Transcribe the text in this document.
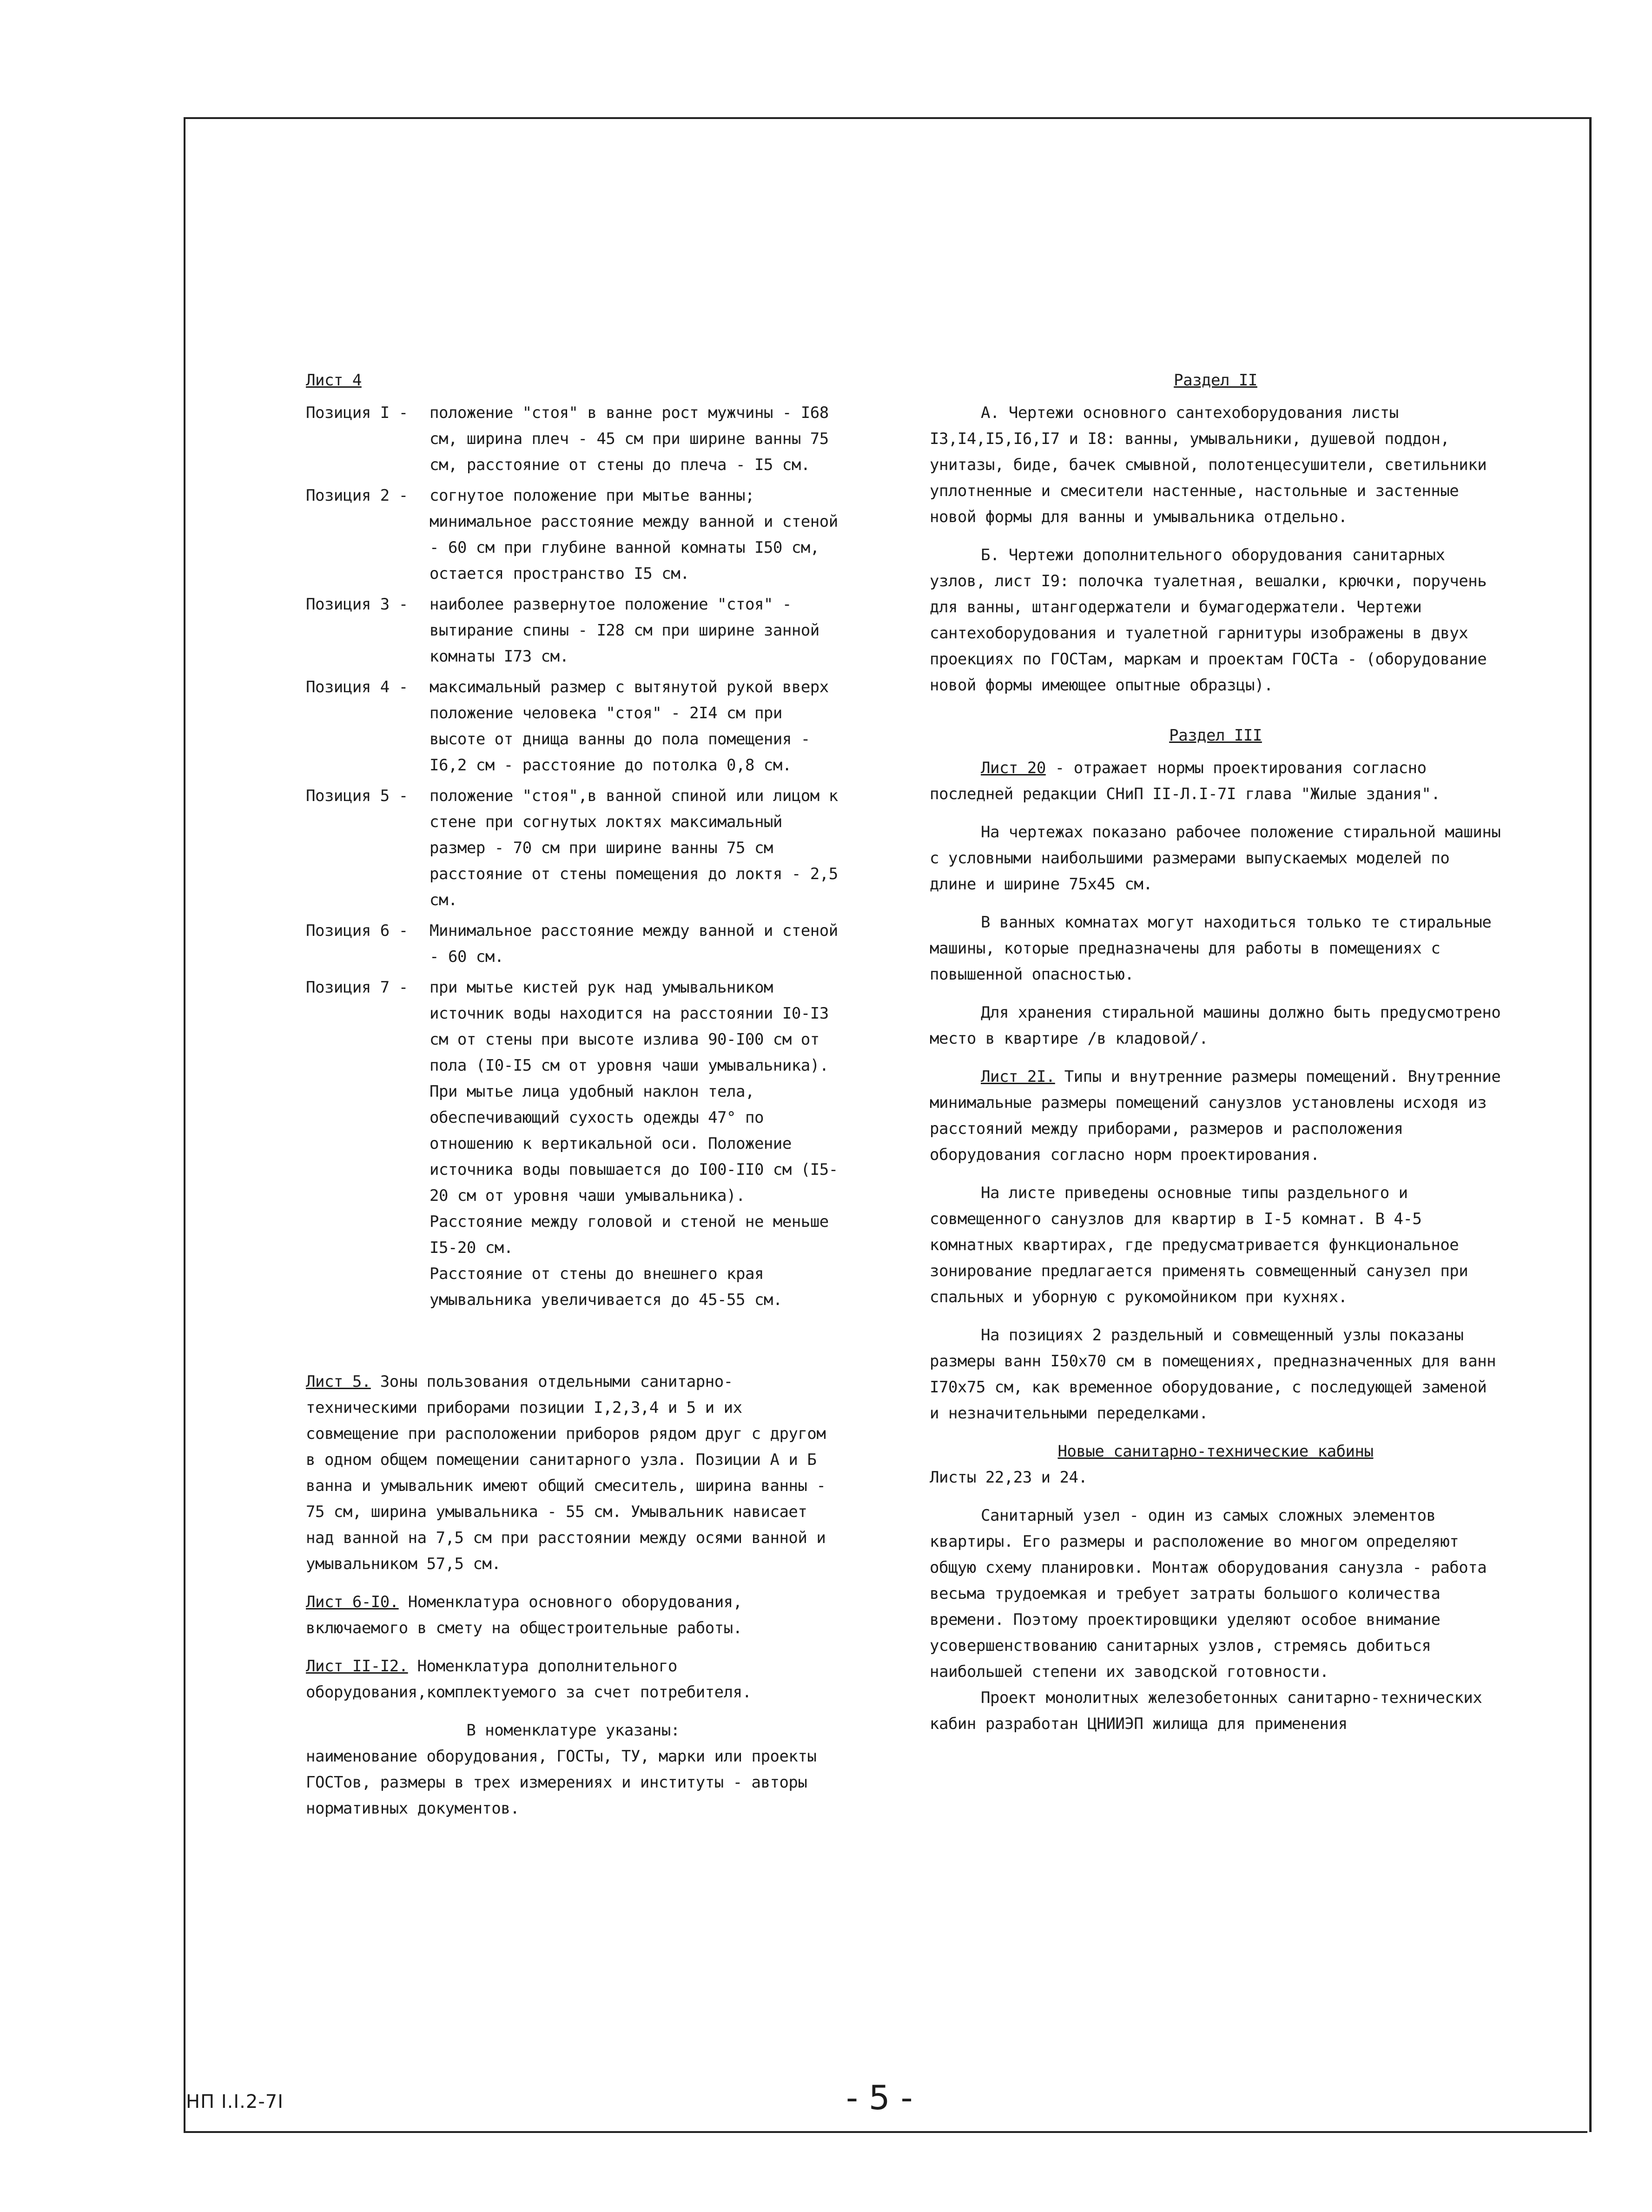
Лист 4

Позиция I -	положение "стоя" в ванне рост мужчины - I68 см, ширина плеч - 45 см при ширине ванны 75 см, расстояние от стены до плеча - I5 см.
Позиция 2 -	согнутое положение при мытье ванны; минимальное расстояние между ванной и стеной - 60 см при глубине ванной комнаты I50 см, остается пространство I5 см.
Позиция 3 -	наиболее развернутое положение "стоя" - вытирание спины - I28 см при ширине занной комнаты I73 см.
Позиция 4 -	максимальный размер с вытянутой рукой вверх положение человека "стоя" - 2I4 см при высоте от днища ванны до пола помещения - I6,2 см - расстояние до потолка 0,8 см.
Позиция 5 -	положение "стоя",в ванной спиной или лицом к стене при согнутых локтях максимальный размер - 70 см при ширине ванны 75 см расстояние от стены помещения до локтя - 2,5 см.
Позиция 6 -	Минимальное расстояние между ванной и стеной - 60 см.
Позиция 7 -	при мытье кистей рук над умывальником источник воды находится на расстоянии I0-I3 см от стены при высоте излива 90-I00 см от пола (I0-I5 см от уровня чаши умывальника).
При мытье лица удобный наклон тела, обеспечивающий сухость одежды 47° по отношению к вертикальной оси. Положение источника воды повышается до I00-II0 см (I5-20 см от уровня чаши умывальника). Расстояние между головой и стеной не меньше I5-20 см.
Расстояние от стены до внешнего края умывальника увеличивается до 45-55 см.

Лист 5. Зоны пользования отдельными санитарно-техническими приборами позиции I,2,3,4 и 5 и их совмещение при расположении приборов рядом друг с другом в одном общем помещении санитарного узла. Позиции А и Б ванна и умывальник имеют общий смеситель, ширина ванны - 75 см, ширина умывальника - 55 см. Умывальник нависает над ванной на 7,5 см при расстоянии между осями ванной и умывальником 57,5 см.

Лист 6-I0. Номенклатура основного оборудования, включаемого в смету на общестроительные работы.

Лист II-I2. Номенклатура дополнительного оборудования,комплектуемого за счет потребителя.

В номенклатуре указаны:

наименование оборудования, ГОСТы, ТУ, марки или проекты ГОСТов, размеры в трех измерениях и институты - авторы нормативных документов.

Раздел II

А. Чертежи основного сантехоборудования листы I3,I4,I5,I6,I7 и I8: ванны, умывальники, душевой поддон, унитазы, биде, бачек смывной, полотенцесушители, светильники уплотненные и смесители настенные, настольные и застенные новой формы для ванны и умывальника отдельно.

Б. Чертежи дополнительного оборудования санитарных узлов, лист I9: полочка туалетная, вешалки, крючки, поручень для ванны, штангодержатели и бумагодержатели. Чертежи сантехоборудования и туалетной гарнитуры изображены в двух проекциях по ГОСТам, маркам и проектам ГОСТа - (оборудование новой формы имеющее опытные образцы).

Раздел III

Лист 20 - отражает нормы проектирования согласно последней редакции СНиП II-Л.I-7I глава "Жилые здания".

На чертежах показано рабочее положение стиральной машины с условными наибольшими размерами выпускаемых моделей по длине и ширине 75х45 см.

В ванных комнатах могут находиться только те стиральные машины, которые предназначены для работы в помещениях с повышенной опасностью.

Для хранения стиральной машины должно быть предусмотрено место в квартире /в кладовой/.

Лист 2I. Типы и внутренние размеры помещений. Внутренние минимальные размеры помещений санузлов установлены исходя из расстояний между приборами, размеров и расположения оборудования согласно норм проектирования.

На листе приведены основные типы раздельного и совмещенного санузлов для квартир в I-5 комнат. В 4-5 комнатных квартирах, где предусматривается функциональное зонирование предлагается применять совмещенный санузел при спальных и уборную с рукомойником при кухнях.

На позициях 2 раздельный и совмещенный узлы показаны размеры ванн I50х70 см в помещениях, предназначенных для ванн I70х75 см, как временное оборудование, с последующей заменой и незначительными переделками.

Новые санитарно-технические кабины

Листы 22,23 и 24.

Санитарный узел - один из самых сложных элементов квартиры. Его размеры и расположение во многом определяют общую схему планировки. Монтаж оборудования санузла - работа весьма трудоемкая и требует затраты большого количества времени. Поэтому проектировщики уделяют особое внимание усовершенствованию санитарных узлов, стремясь добиться наибольшей степени их заводской готовности.

Проект монолитных железобетонных санитарно-технических кабин разработан ЦНИИЭП жилища для применения

НП I.I.2-7I	- 5 -
